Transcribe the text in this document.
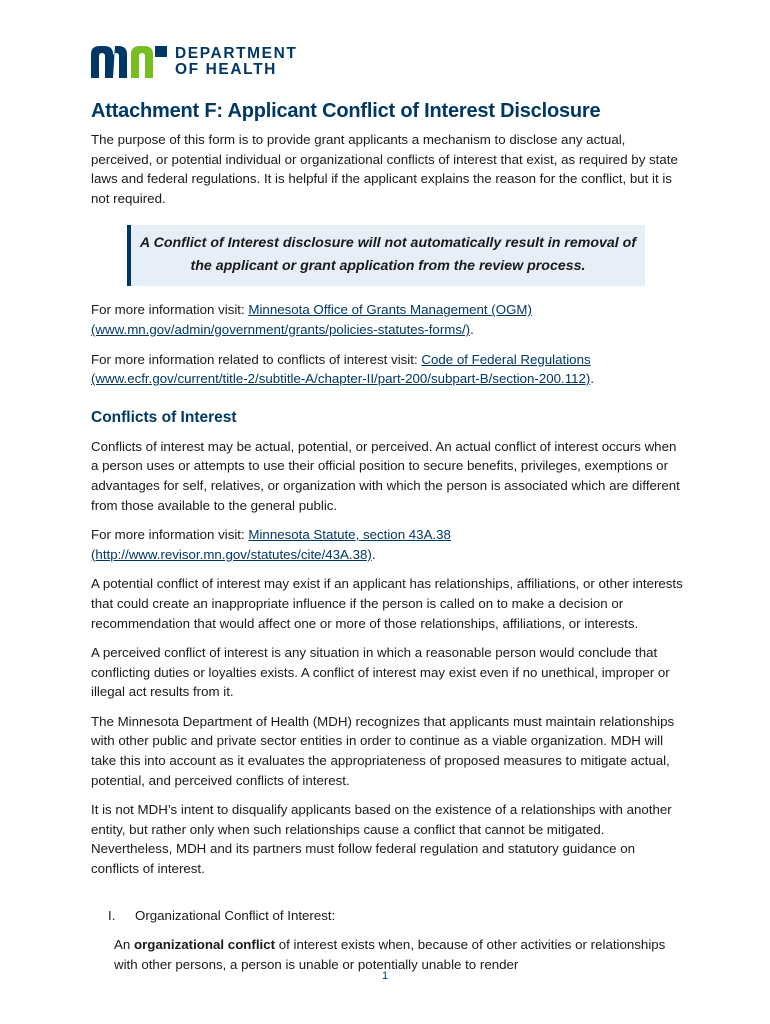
DEPARTMENT
OF HEALTH
Attachment F: Applicant Conflict of Interest Disclosure

The purpose of this form is to provide grant applicants a mechanism to disclose any actual, perceived, or potential individual or organizational conflicts of interest that exist, as required by state laws and federal regulations. It is helpful if the applicant explains the reason for the conflict, but it is not required.

A Conflict of Interest disclosure will not automatically result in removal of the applicant or grant application from the review process.

For more information visit: Minnesota Office of Grants Management (OGM) (www.mn.gov/admin/government/grants/policies-statutes-forms/).

For more information related to conflicts of interest visit: Code of Federal Regulations (www.ecfr.gov/current/title-2/subtitle-A/chapter-II/part-200/subpart-B/section-200.112).

Conflicts of Interest

Conflicts of interest may be actual, potential, or perceived. An actual conflict of interest occurs when a person uses or attempts to use their official position to secure benefits, privileges, exemptions or advantages for self, relatives, or organization with which the person is associated which are different from those available to the general public.

For more information visit: Minnesota Statute, section 43A.38 (http://www.revisor.mn.gov/statutes/cite/43A.38).

A potential conflict of interest may exist if an applicant has relationships, affiliations, or other interests that could create an inappropriate influence if the person is called on to make a decision or recommendation that would affect one or more of those relationships, affiliations, or interests.

A perceived conflict of interest is any situation in which a reasonable person would conclude that conflicting duties or loyalties exists. A conflict of interest may exist even if no unethical, improper or illegal act results from it.

The Minnesota Department of Health (MDH) recognizes that applicants must maintain relationships with other public and private sector entities in order to continue as a viable organization. MDH will take this into account as it evaluates the appropriateness of proposed measures to mitigate actual, potential, and perceived conflicts of interest.

It is not MDH’s intent to disqualify applicants based on the existence of a relationships with another entity, but rather only when such relationships cause a conflict that cannot be mitigated. Nevertheless, MDH and its partners must follow federal regulation and statutory guidance on conflicts of interest.

I.	Organizational Conflict of Interest:

An organizational conflict of interest exists when, because of other activities or relationships with other persons, a person is unable or potentially unable to render

1
